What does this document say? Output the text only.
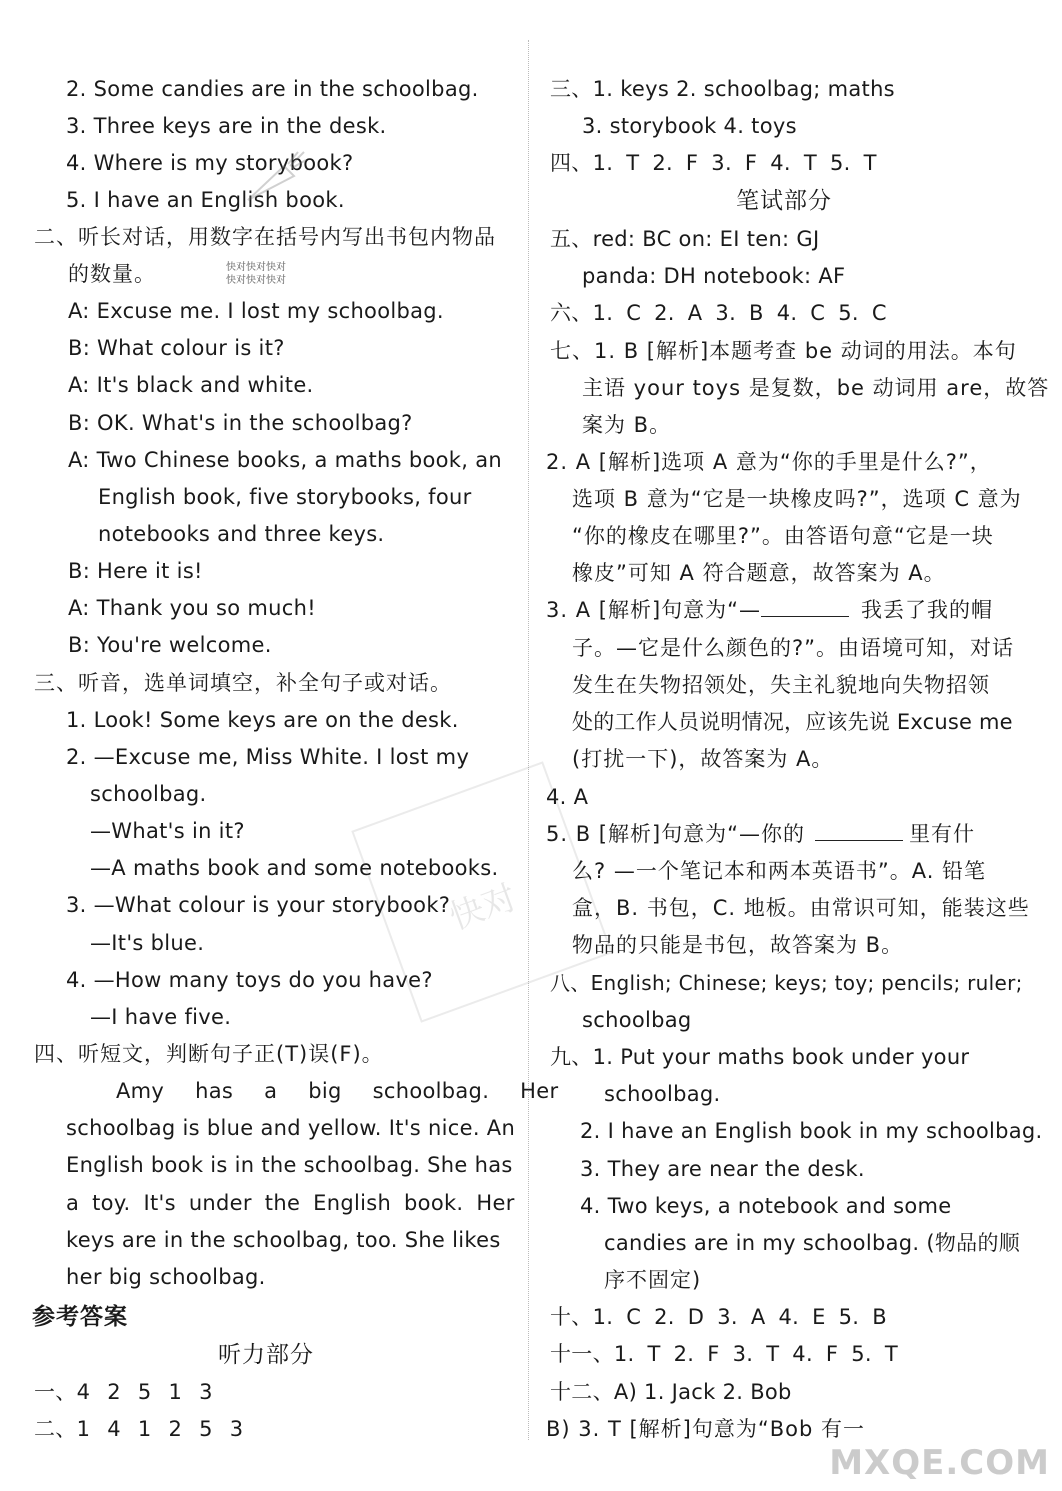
2. Some candies are in the schoolbag.
3. Three keys are in the desk.
4. Where is my storybook?
5. I have an English book.
二、听长对话，用数字在括号内写出书包内物品
的数量。	快对快对快对
快对快对快对
A: Excuse me. I lost my schoolbag.
B: What colour is it?
A: It's black and white.
B: OK. What's in the schoolbag?
A: Two Chinese books, a maths book, an
English book, five storybooks, four
notebooks and three keys.
B: Here it is!
A: Thank you so much!
B: You're welcome.
三、听音，选单词填空，补全句子或对话。
1. Look! Some keys are on the desk.
2. —Excuse me, Miss White. I lost my
schoolbag.
—What's in it?
—A maths book and some notebooks.
3. —What colour is your storybook?
—It's blue.
4. —How many toys do you have?
—I have five.
四、听短文，判断句子正(T)误(F)。
Amy has a big schoolbag. Her
schoolbag is blue and yellow. It's nice. An
English book is in the schoolbag. She has
a toy. It's under the English book. Her
keys are in the schoolbag, too. She likes
her big schoolbag.
参考答案
听力部分
一、4 2 5 1 3
二、1 4 1 2 5 3
三、1. keys 2. schoolbag; maths
3. storybook 4. toys
四、1. T 2. F 3. F 4. T 5. T
笔试部分
五、red: BC on: EI ten: GJ
panda: DH notebook: AF
六、1. C 2. A 3. B 4. C 5. C
七、1. B [解析]本题考查 be 动词的用法。本句
主语 your toys 是复数，be 动词用 are，故答
案为 B。
2. A [解析]选项 A 意为“你的手里是什么?”，
选项 B 意为“它是一块橡皮吗?”，选项 C 意为
“你的橡皮在哪里?”。由答语句意“它是一块
橡皮”可知 A 符合题意，故答案为 A。
3. A [解析]句意为“—	我丢了我的帽
子。—它是什么颜色的?”。由语境可知，对话
发生在失物招领处，失主礼貌地向失物招领
处的工作人员说明情况，应该先说 Excuse me
(打扰一下)，故答案为 A。
4. A
5. B [解析]句意为“—你的	里有什
么? —一个笔记本和两本英语书”。A. 铅笔
盒，B. 书包，C. 地板。由常识可知，能装这些
物品的只能是书包，故答案为 B。
八、English; Chinese; keys; toy; pencils; ruler;
schoolbag
九、1. Put your maths book under your
schoolbag.
2. I have an English book in my schoolbag.
3. They are near the desk.
4. Two keys, a notebook and some
candies are in my schoolbag. (物品的顺
序不固定)
十、1. C 2. D 3. A 4. E 5. B
十一、1. T 2. F 3. T 4. F 5. T
十二、A) 1. Jack 2. Bob
B) 3. T [解析]句意为“Bob 有一
快对
MXQE.COM
